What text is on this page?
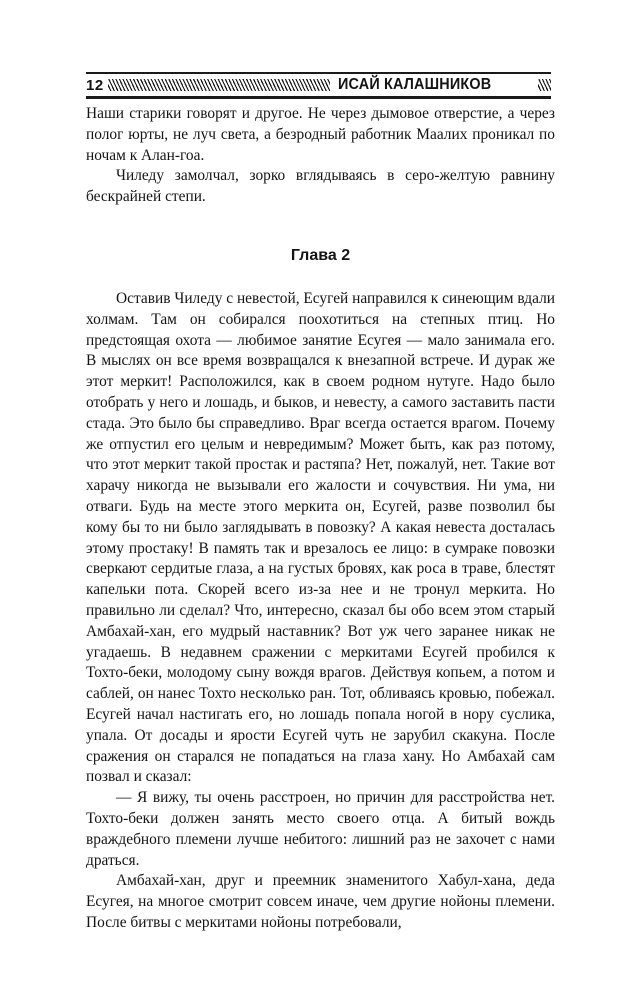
12	ИСАЙ КАЛАШНИКОВ

Наши старики говорят и другое. Не через дымовое отверстие, а через полог юрты, не луч света, а безродный работник Маалих проникал по ночам к Алан-гоа.

Чиледу замолчал, зорко вглядываясь в серо-желтую равнину бескрайней степи.

Глава 2

Оставив Чиледу с невестой, Есугей направился к синеющим вдали холмам. Там он собирался поохотиться на степных птиц. Но предстоящая охота — любимое занятие Есугея — мало занимала его. В мыслях он все время возвращался к внезапной встрече. И дурак же этот меркит! Расположился, как в своем родном нутуге. Надо было отобрать у него и лошадь, и быков, и невесту, а самого заставить пасти стада. Это было бы справедливо. Враг всегда остается врагом. Почему же отпустил его целым и невредимым? Может быть, как раз потому, что этот меркит такой простак и растяпа? Нет, пожалуй, нет. Такие вот харачу никогда не вызывали его жалости и сочувствия. Ни ума, ни отваги. Будь на месте этого меркита он, Есугей, разве позволил бы кому бы то ни было заглядывать в повозку? А какая невеста досталась этому простаку! В память так и врезалось ее лицо: в сумраке повозки сверкают сердитые глаза, а на густых бровях, как роса в траве, блестят капельки пота. Скорей всего из-за нее и не тронул меркита. Но правильно ли сделал? Что, интересно, сказал бы обо всем этом старый Амбахай-хан, его мудрый наставник? Вот уж чего заранее никак не угадаешь. В недавнем сражении с меркитами Есугей пробился к Тохто-беки, молодому сыну вождя врагов. Действуя копьем, а потом и саблей, он нанес Тохто несколько ран. Тот, обливаясь кровью, побежал. Есугей начал настигать его, но лошадь попала ногой в нору суслика, упала. От досады и ярости Есугей чуть не зарубил скакуна. После сражения он старался не попадаться на глаза хану. Но Амбахай сам позвал и сказал:

— Я вижу, ты очень расстроен, но причин для расстройства нет. Тохто-беки должен занять место своего отца. А битый вождь враждебного племени лучше небитого: лишний раз не захочет с нами драться.

Амбахай-хан, друг и преемник знаменитого Хабул-хана, деда Есугея, на многое смотрит совсем иначе, чем другие нойоны племени. После битвы с меркитами нойоны потребовали,
